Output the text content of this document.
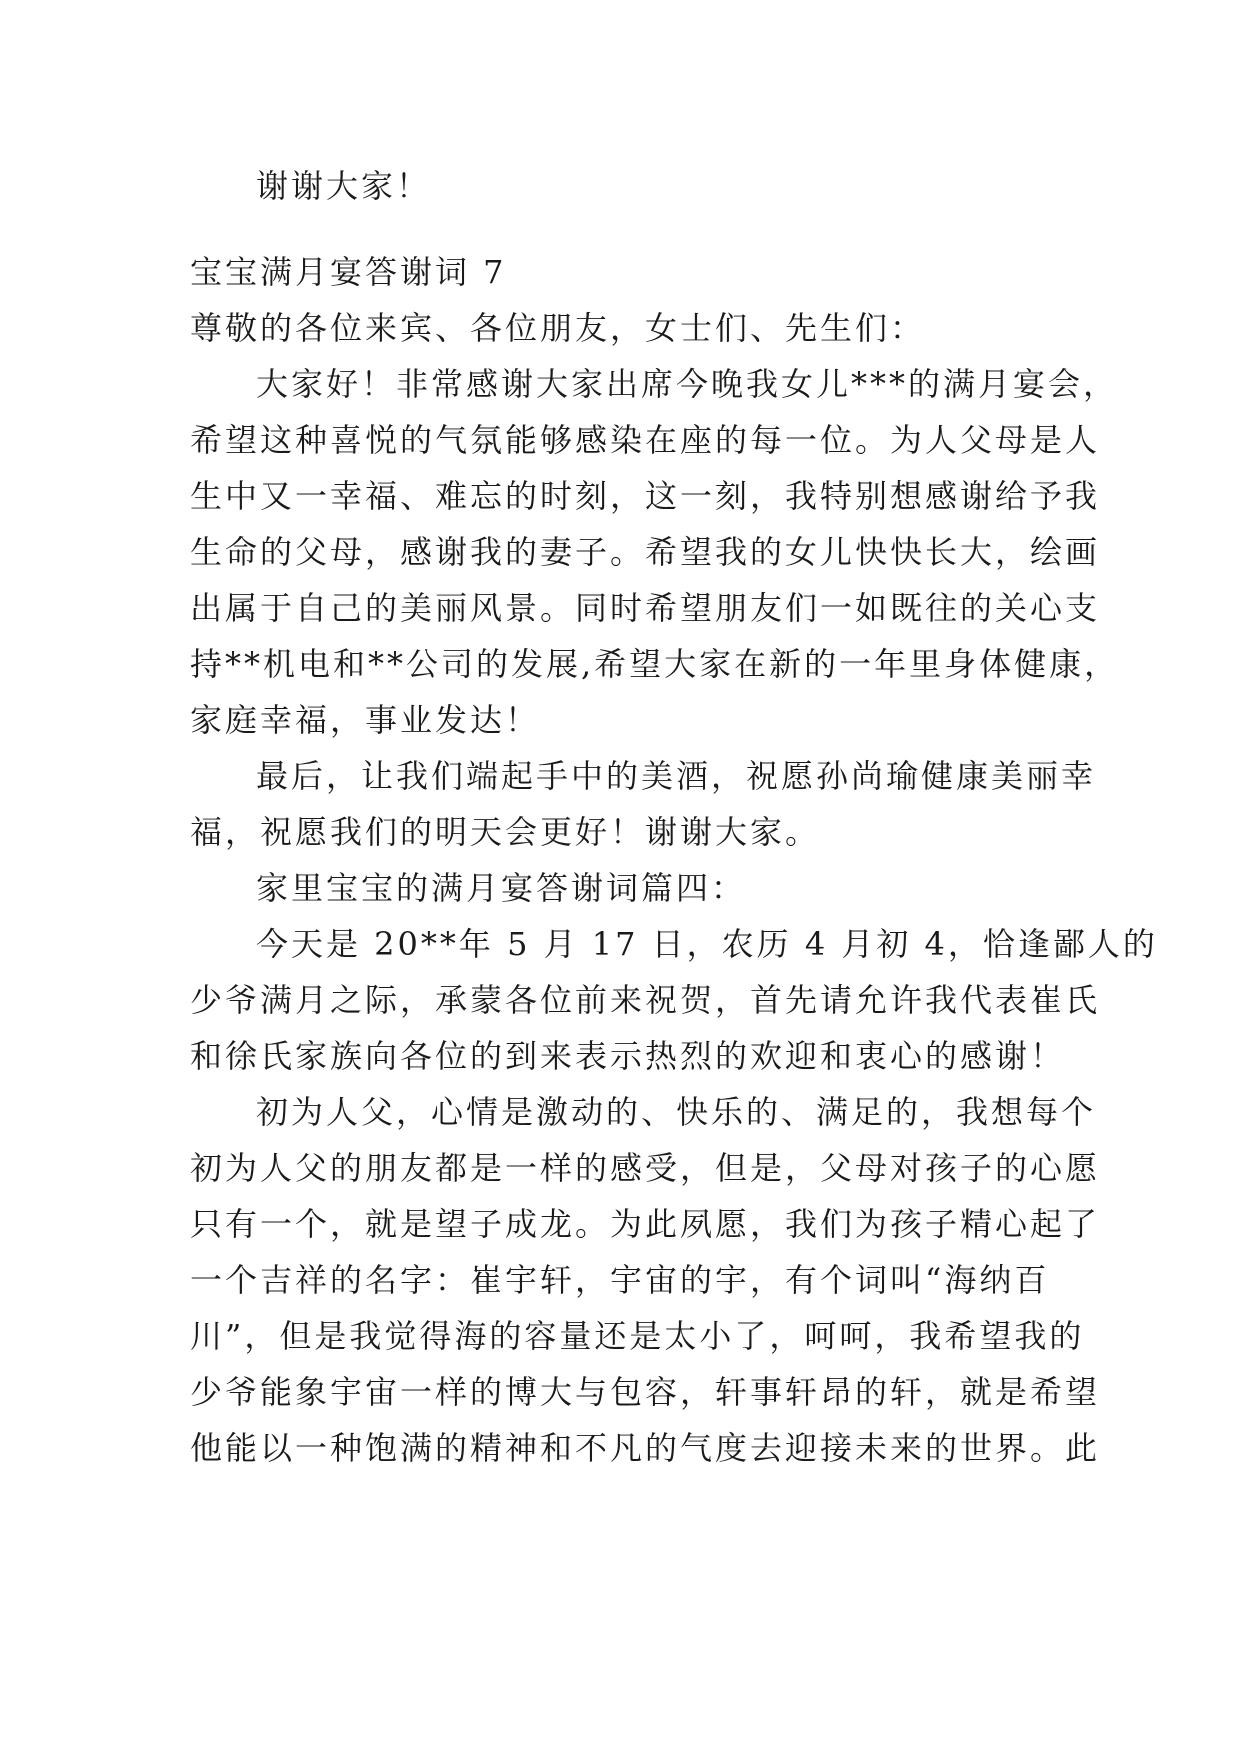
谢谢大家！
宝宝满月宴答谢词 7
尊敬的各位来宾、各位朋友，女士们、先生们：
大家好！非常感谢大家出席今晚我女儿***的满月宴会，
希望这种喜悦的气氛能够感染在座的每一位。为人父母是人
生中又一幸福、难忘的时刻，这一刻，我特别想感谢给予我
生命的父母，感谢我的妻子。希望我的女儿快快长大，绘画
出属于自己的美丽风景。同时希望朋友们一如既往的关心支
持**机电和**公司的发展,希望大家在新的一年里身体健康，
家庭幸福，事业发达！
最后，让我们端起手中的美酒，祝愿孙尚瑜健康美丽幸
福，祝愿我们的明天会更好！谢谢大家。
家里宝宝的满月宴答谢词篇四：
今天是 20**年 5 月 17 日，农历 4 月初 4，恰逢鄙人的
少爷满月之际，承蒙各位前来祝贺，首先请允许我代表崔氏
和徐氏家族向各位的到来表示热烈的欢迎和衷心的感谢！
初为人父，心情是激动的、快乐的、满足的，我想每个
初为人父的朋友都是一样的感受，但是，父母对孩子的心愿
只有一个，就是望子成龙。为此夙愿，我们为孩子精心起了
一个吉祥的名字：崔宇轩，宇宙的宇，有个词叫“海纳百
川”，但是我觉得海的容量还是太小了，呵呵，我希望我的
少爷能象宇宙一样的博大与包容，轩事轩昂的轩，就是希望
他能以一种饱满的精神和不凡的气度去迎接未来的世界。此
